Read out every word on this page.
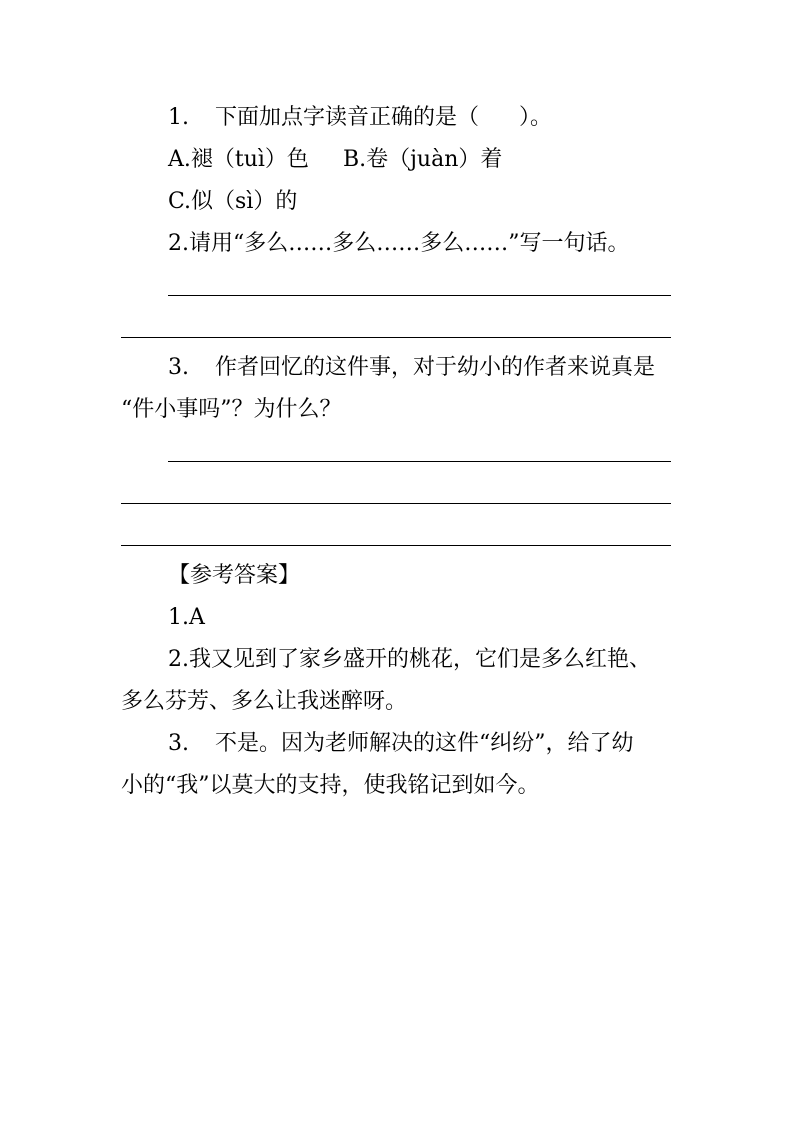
1. 下面加点字读音正确的是（ ）。
A.褪（tuì）色 B.卷（juàn）着
C.似（sì）的
2.请用“多么……多么……多么……”写一句话。
3. 作者回忆的这件事，对于幼小的作者来说真是
“件小事吗”？为什么？
【参考答案】
1.A
2.我又见到了家乡盛开的桃花，它们是多么红艳、
多么芬芳、多么让我迷醉呀。
3. 不是。因为老师解决的这件“纠纷”，给了幼
小的“我”以莫大的支持，使我铭记到如今。
